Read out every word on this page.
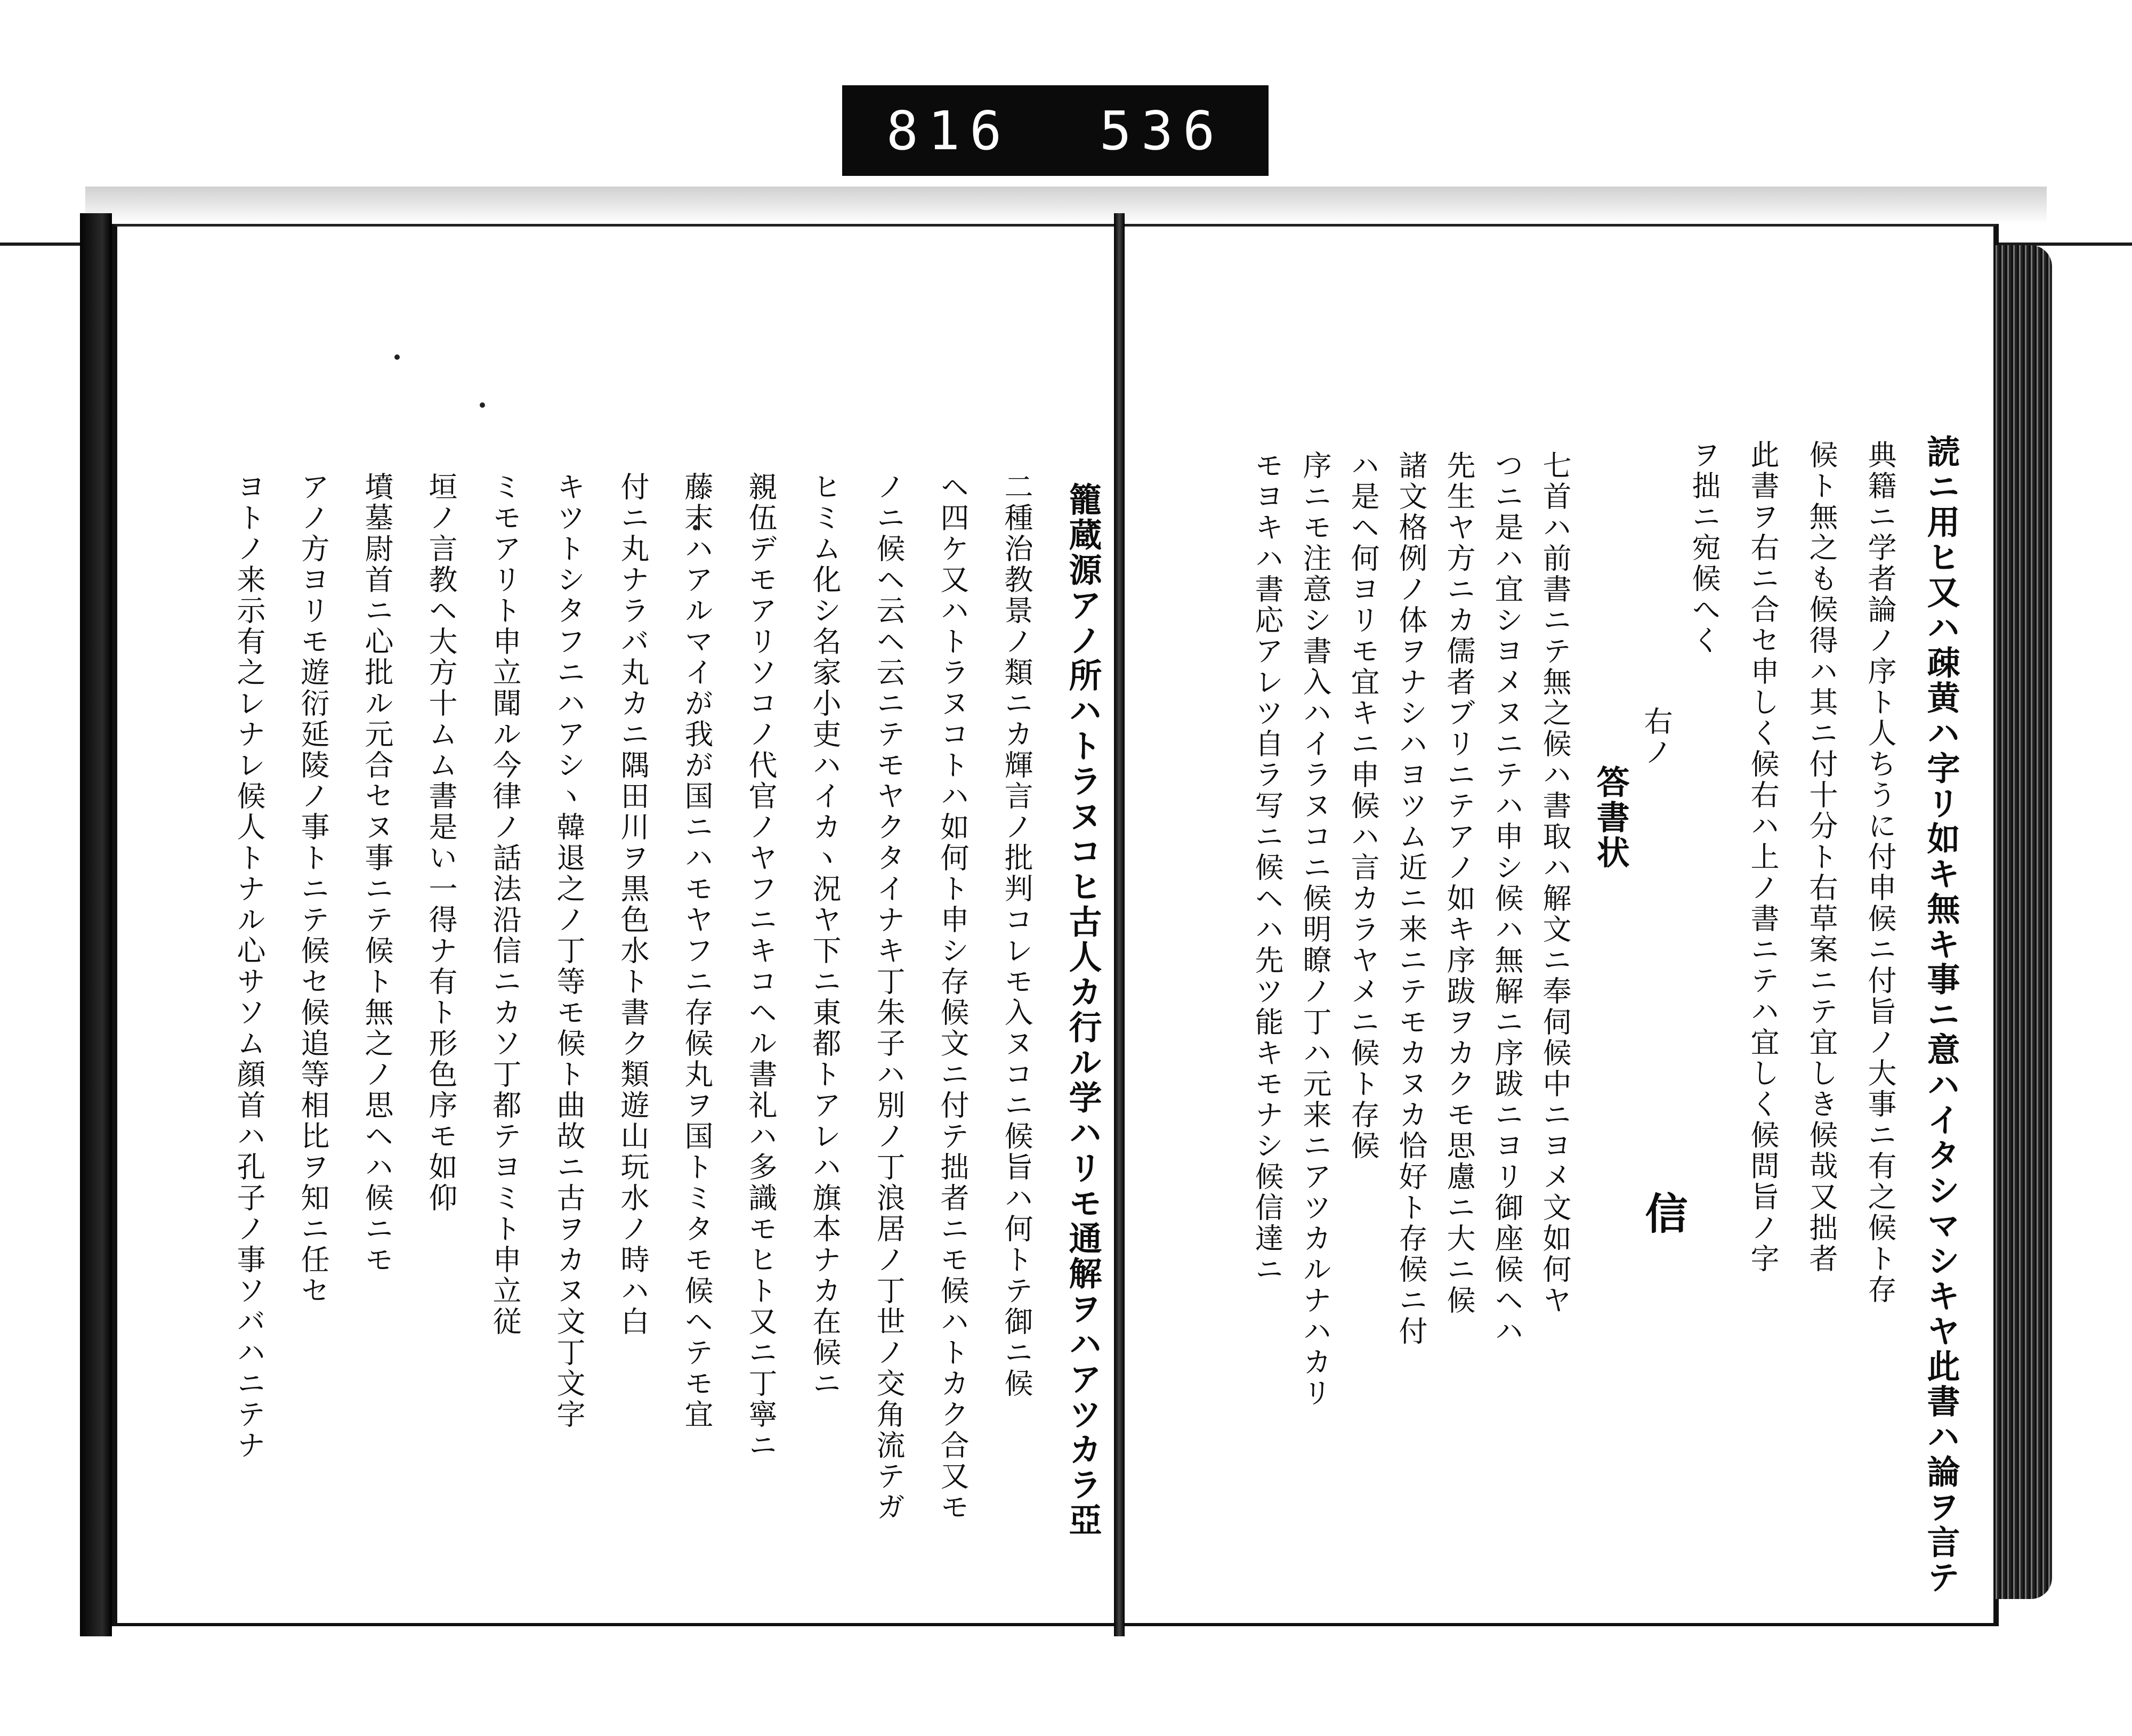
816 536
籠蔵源アノ所ハトラヌコヒ古人カ行ル学ハリモ通解ヲハアツカラ亞
二種治教景ノ類ニカ輝言ノ批判コレモ入ヌコニ候旨ハ何トテ御ニ候
ヘ四ケ又ハトラヌコトハ如何ト申シ存候文ニ付テ拙者ニモ候ハトカク合又モ
ノニ候ヘ云ヘ云ニテモヤクタイナキ丁朱子ハ別ノ丁浪居ノ丁世ノ交角流テガ
ヒミム化シ名家小吏ハイカヽ況ヤ下ニ東都トアレハ旗本ナカ在候ニ
親伍デモアリソコノ代官ノヤフニキコヘル書礼ハ多識モヒト又ニ丁寧ニ
藤末ハアルマイが我が国ニハモヤフニ存候丸ヲ国トミタモ候ヘテモ宜
付ニ丸ナラバ丸カニ隅田川ヲ黒色水ト書ク類遊山玩水ノ時ハ白
キツトシタフニハアシヽ韓退之ノ丁等モ候ト曲故ニ古ヲカヌ文丁文字
ミモアリト申立聞ル今律ノ話法沿信ニカソ丁都テヨミト申立従
垣ノ言教ヘ大方十ムム書是い一得ナ有ト形色序モ如仰
墳墓尉首ニ心批ル元合セヌ事ニテ候ト無之ノ思ヘハ候ニモ
アノ方ヨリモ遊衍延陵ノ事トニテ候セ候追等相比ヲ知ニ任セ
ヨトノ来示有之レナレ候人トナル心サソム顔首ハ孔子ノ事ソバハニテナ	読ニ用ヒ又ハ疎黄ハ字リ如キ無キ事ニ意ハイタシマシキヤ此書ハ論ヲ言テ
典籍ニ学者論ノ序ト人ちうに付申候ニ付旨ノ大事ニ有之候ト存
候ト無之も候得ハ其ニ付十分ト右草案ニテ宜しき候哉又拙者
此書ヲ右ニ合セ申しく候右ハ上ノ書ニテハ宜しく候問旨ノ字
ヲ拙ニ宛候へく
右ノ
答書状
七首ハ前書ニテ無之候ハ書取ハ解文ニ奉伺候中ニヨメ文如何ヤ
つニ是ハ宜シヨメヌニテハ申シ候ハ無解ニ序跋ニヨリ御座候ヘハ
先生ヤ方ニカ儒者ブリニテアノ如キ序跋ヲカクモ思慮ニ大ニ候
諸文格例ノ体ヲナシハヨツム近ニ来ニテモカヌカ恰好ト存候ニ付
ハ是ヘ何ヨリモ宜キニ申候ハ言カラヤメニ候ト存候
序ニモ注意シ書入ハイラヌコニ候明瞭ノ丁ハ元来ニアツカルナハカリ
モヨキハ書応アレツ自ラ写ニ候ヘハ先ツ能キモナシ候信達ニ	信
